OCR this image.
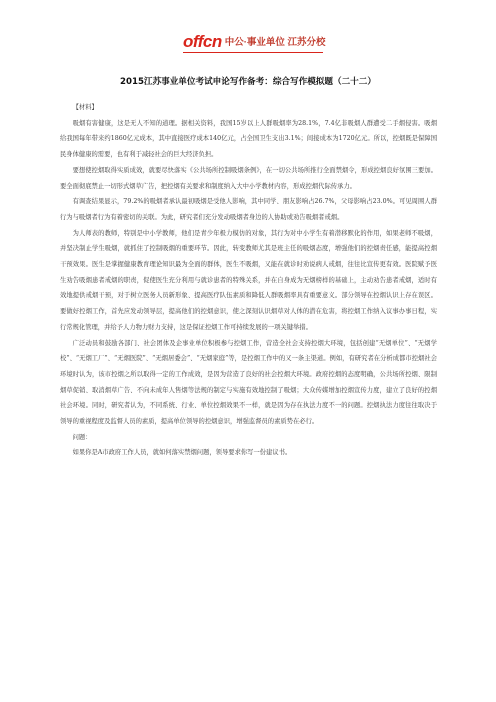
offcn 中公·事业单位 江苏分校
2015江苏事业单位考试申论写作备考：综合写作模拟题（二十二）

【材料】

吸烟有害健康，这是无人不知的道理。据相关资料，我国15岁以上人群吸烟率为28.1%，7.4亿非吸烟人群遭受二手烟侵害。吸烟给我国每年带来约1860亿元成本，其中直接医疗成本140亿元，占全国卫生支出3.1%；间接成本为1720亿元。所以，控烟既是保障国民身体健康的需要，也有利于减轻社会的巨大经济负担。

要想使控烟取得实质成效，就要尽快落实《公共场所控制吸烟条例》，在一切公共场所推行全面禁烟令，形成控烟良好氛围三要加。要全面彻底禁止一切形式烟草广告，把控烟有关要求和制度纳入大中小学教材内容，形成控烟代际传承力。

有调查结果显示，79.2%的吸烟者承认最初吸烟是受他人影响，其中同学、朋友影响占26.7%，父母影响占23.0%。可见周围人群行为与吸烟者行为有着密切的关联。为此，研究者们充分发动吸烟者身边的人协助或劝告吸烟者戒烟。

为人师表的教师，特别是中小学教师，他们是青少年极力模仿的对象，其行为对中小学生有着潜移默化的作用，如果老师不吸烟，并坚决制止学生吸烟，就抓住了控制吸烟的重要环节。因此，转变教师尤其是班主任的吸烟态度，增强他们的控烟责任感，能提高控烟干预效果。医生是掌握健康教育理论知识最为全面的群体，医生不吸烟，又能在就诊时劝说病人戒烟，往往比宣传更有效。医院赋予医生劝告吸烟患者戒烟的职责，促使医生充分利用与就诊患者的特殊关系，并在自身成为无烟榜样的基础上，主动劝告患者戒烟，适时有效地提供戒烟干预，对于树立医务人员新形象、提高医疗队伍素质和降低人群吸烟率具有重要意义。部分领导在控烟认识上存在误区。要做好控烟工作，首先应发动领导层，提高他们的控烟意识，使之深刻认识烟草对人体的潜在危害，将控烟工作纳入议事办事日程，实行常规化管理，并给予人力物力财力支持，这是保证控烟工作可持续发展的一项关键举措。

广泛动员和鼓励各部门、社会团体及企事业单位积极参与控烟工作，营造全社会支持控烟大环境，包括创建“无烟单位”、“无烟学校”、“无烟工厂”、“无烟医院”、“无烟居委会”、“无烟家庭”等，是控烟工作中的又一条主渠道。例如，有研究者在分析成都市控烟社会环境时认为，该市控烟之所以取得一定的工作成效，是因为营造了良好的社会控烟大环境。政府控烟的态度明确，公共场所控烟、限制烟草促销、取消烟草广告、不向未成年人售烟等法规的制定与实施有效地控制了吸烟；大众传媒增加控烟宣传力度，建立了良好的控烟社会环境。同时，研究者认为，不同系统、行业、单位控烟效果不一样，就是因为存在执法力度不一的问题。控烟执法力度往往取决于领导的重视程度及监督人员的素质，提高单位领导的控烟意识，增强监督员的素质势在必行。

问题：

如果你是A市政府工作人员，就如何落实禁烟问题，领导要求你写一份建议书。
